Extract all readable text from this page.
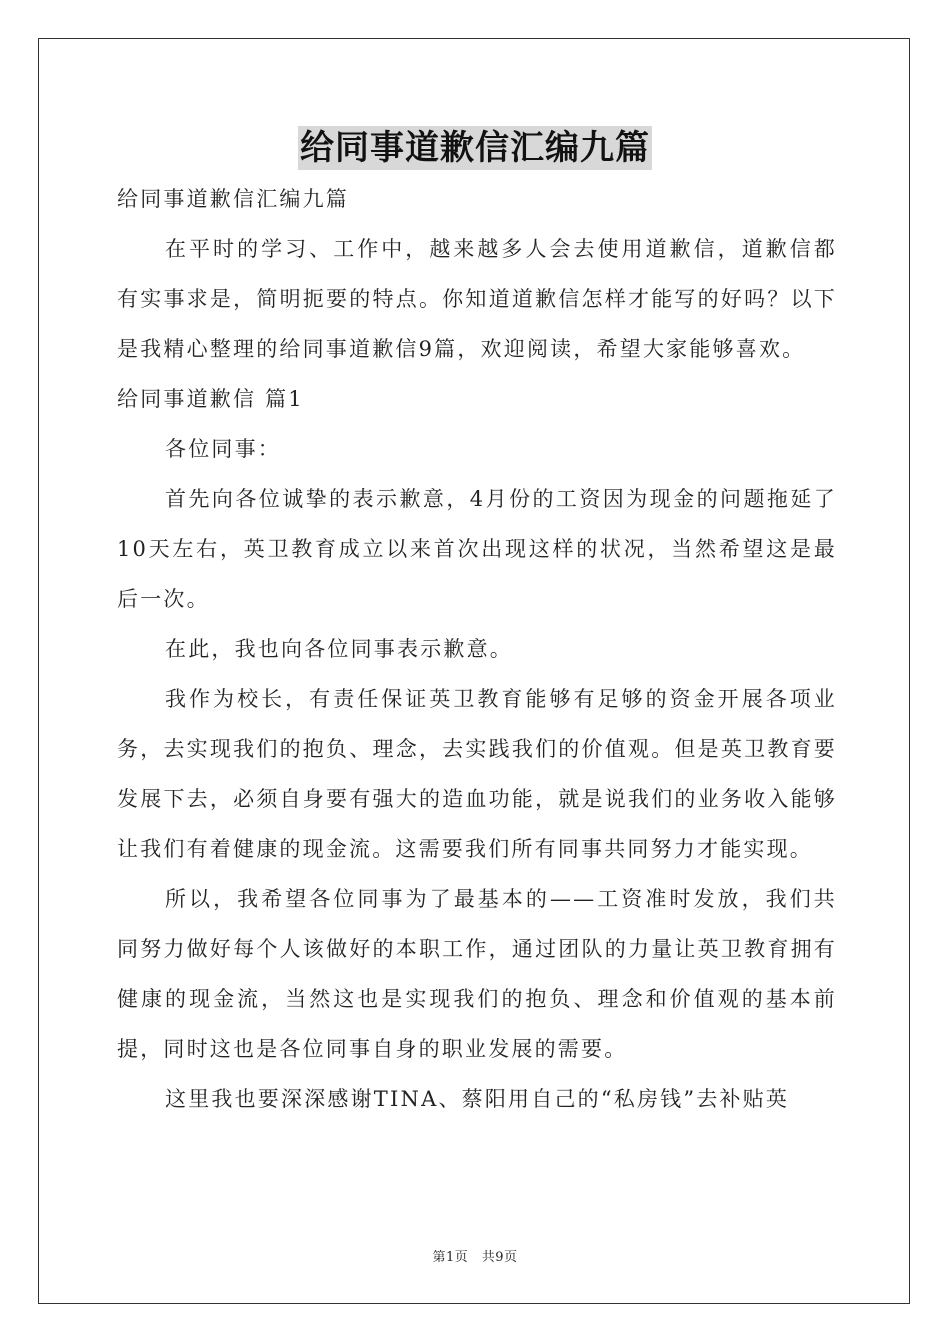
给同事道歉信汇编九篇

给同事道歉信汇编九篇

在平时的学习、工作中，越来越多人会去使用道歉信，道歉信都有实事求是，简明扼要的特点。你知道道歉信怎样才能写的好吗？以下是我精心整理的给同事道歉信9篇，欢迎阅读，希望大家能够喜欢。

给同事道歉信 篇1

各位同事：

首先向各位诚挚的表示歉意，4月份的工资因为现金的问题拖延了10天左右，英卫教育成立以来首次出现这样的状况，当然希望这是最后一次。

在此，我也向各位同事表示歉意。

我作为校长，有责任保证英卫教育能够有足够的资金开展各项业务，去实现我们的抱负、理念，去实践我们的价值观。但是英卫教育要发展下去，必须自身要有强大的造血功能，就是说我们的业务收入能够让我们有着健康的现金流。这需要我们所有同事共同努力才能实现。

所以，我希望各位同事为了最基本的——工资准时发放，我们共同努力做好每个人该做好的本职工作，通过团队的力量让英卫教育拥有健康的现金流，当然这也是实现我们的抱负、理念和价值观的基本前提，同时这也是各位同事自身的职业发展的需要。

这里我也要深深感谢TINA、蔡阳用自己的“私房钱”去补贴英

第1页　共9页
